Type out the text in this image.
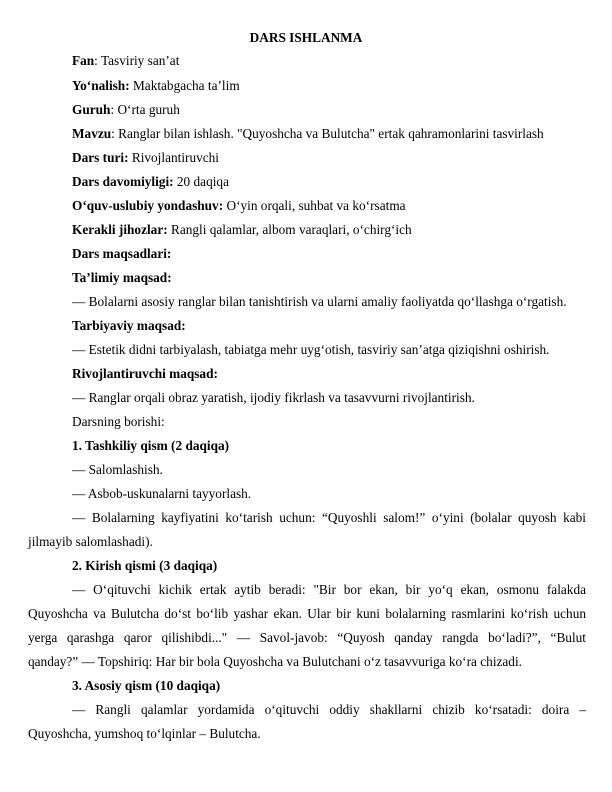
DARS ISHLANMA
Fan: Tasviriy san’at
Yo‘nalish: Maktabgacha ta’lim
Guruh: O‘rta guruh
Mavzu: Ranglar bilan ishlash. "Quyoshcha va Bulutcha" ertak qahramonlarini tasvirlash
Dars turi: Rivojlantiruvchi
Dars davomiyligi: 20 daqiqa
O‘quv-uslubiy yondashuv: O‘yin orqali, suhbat va ko‘rsatma
Kerakli jihozlar: Rangli qalamlar, albom varaqlari, o‘chirg‘ich
Dars maqsadlari:
Ta’limiy maqsad:
— Bolalarni asosiy ranglar bilan tanishtirish va ularni amaliy faoliyatda qo‘llashga o‘rgatish.
Tarbiyaviy maqsad:
— Estetik didni tarbiyalash, tabiatga mehr uyg‘otish, tasviriy san’atga qiziqishni oshirish.
Rivojlantiruvchi maqsad:
— Ranglar orqali obraz yaratish, ijodiy fikrlash va tasavvurni rivojlantirish.
Darsning borishi:
1. Tashkiliy qism (2 daqiqa)
— Salomlashish.
— Asbob-uskunalarni tayyorlash.
— Bolalarning kayfiyatini ko‘tarish uchun: “Quyoshli salom!” o‘yini (bolalar quyosh kabi
jilmayib salomlashadi).
2. Kirish qismi (3 daqiqa)
— O‘qituvchi kichik ertak aytib beradi: "Bir bor ekan, bir yo‘q ekan, osmonu falakda
Quyoshcha va Bulutcha do‘st bo‘lib yashar ekan. Ular bir kuni bolalarning rasmlarini ko‘rish uchun
yerga qarashga qaror qilishibdi..." — Savol-javob: “Quyosh qanday rangda bo‘ladi?”, “Bulut
qanday?” — Topshiriq: Har bir bola Quyoshcha va Bulutchani o‘z tasavvuriga ko‘ra chizadi.
3. Asosiy qism (10 daqiqa)
— Rangli qalamlar yordamida o‘qituvchi oddiy shakllarni chizib ko‘rsatadi: doira –
Quyoshcha, yumshoq to‘lqinlar – Bulutcha.
